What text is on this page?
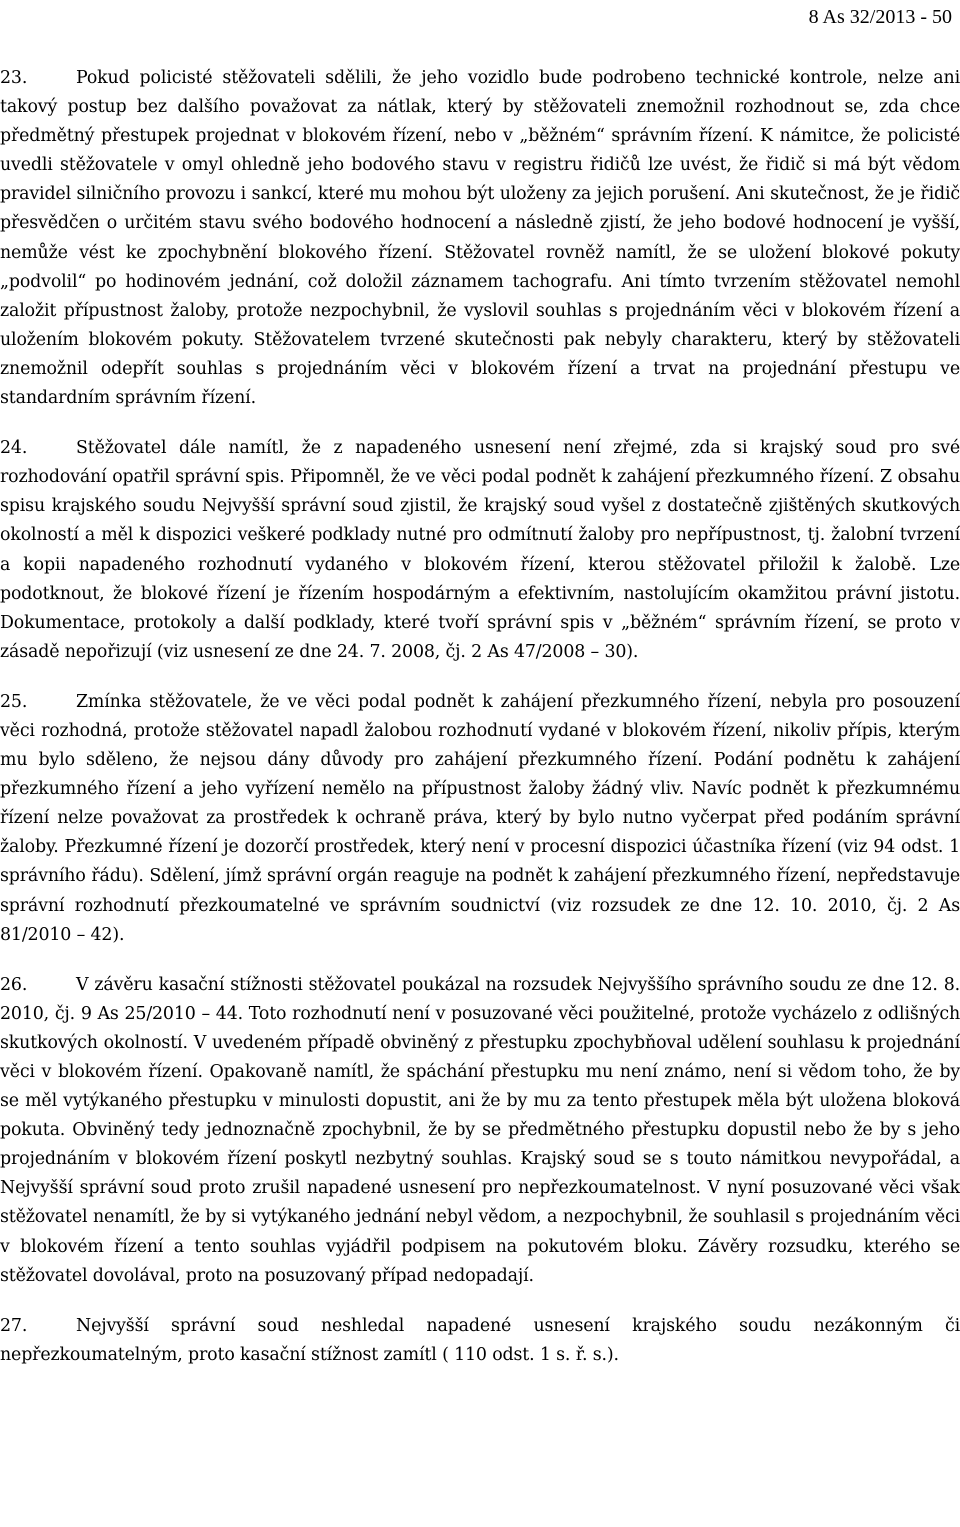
8 As 32/2013 - 50

23.	Pokud policisté stěžovateli sdělili, že jeho vozidlo bude podrobeno technické kontrole, nelze ani takový postup bez dalšího považovat za nátlak, který by stěžovateli znemožnil rozhodnout se, zda chce předmětný přestupek projednat v blokovém řízení, nebo v „běžném“ správním řízení. K námitce, že policisté uvedli stěžovatele v omyl ohledně jeho bodového stavu v registru řidičů lze uvést, že řidič si má být vědom pravidel silničního provozu i sankcí, které mu mohou být uloženy za jejich porušení. Ani skutečnost, že je řidič přesvědčen o určitém stavu svého bodového hodnocení a následně zjistí, že jeho bodové hodnocení je vyšší, nemůže vést ke zpochybnění blokového řízení. Stěžovatel rovněž namítl, že se uložení blokové pokuty „podvolil“ po hodinovém jednání, což doložil záznamem tachografu. Ani tímto tvrzením stěžovatel nemohl založit přípustnost žaloby, protože nezpochybnil, že vyslovil souhlas s projednáním věci v blokovém řízení a uložením blokovém pokuty. Stěžovatelem tvrzené skutečnosti pak nebyly charakteru, který by stěžovateli znemožnil odepřít souhlas s projednáním věci v blokovém řízení a trvat na projednání přestupu ve standardním správním řízení.

24.	Stěžovatel dále namítl, že z napadeného usnesení není zřejmé, zda si krajský soud pro své rozhodování opatřil správní spis. Připomněl, že ve věci podal podnět k zahájení přezkumného řízení. Z obsahu spisu krajského soudu Nejvyšší správní soud zjistil, že krajský soud vyšel z dostatečně zjištěných skutkových okolností a měl k dispozici veškeré podklady nutné pro odmítnutí žaloby pro nepřípustnost, tj. žalobní tvrzení a kopii napadeného rozhodnutí vydaného v blokovém řízení, kterou stěžovatel přiložil k žalobě. Lze podotknout, že blokové řízení je řízením hospodárným a efektivním, nastolujícím okamžitou právní jistotu. Dokumentace, protokoly a další podklady, které tvoří správní spis v „běžném“ správním řízení, se proto v zásadě nepořizují (viz usnesení ze dne 24. 7. 2008, čj. 2 As 47/2008 – 30).

25.	Zmínka stěžovatele, že ve věci podal podnět k zahájení přezkumného řízení, nebyla pro posouzení věci rozhodná, protože stěžovatel napadl žalobou rozhodnutí vydané v blokovém řízení, nikoliv přípis, kterým mu bylo sděleno, že nejsou dány důvody pro zahájení přezkumného řízení. Podání podnětu k zahájení přezkumného řízení a jeho vyřízení nemělo na přípustnost žaloby žádný vliv. Navíc podnět k přezkumnému řízení nelze považovat za prostředek k ochraně práva, který by bylo nutno vyčerpat před podáním správní žaloby. Přezkumné řízení je dozorčí prostředek, který není v procesní dispozici účastníka řízení (viz 94 odst. 1 správního řádu). Sdělení, jímž správní orgán reaguje na podnět k zahájení přezkumného řízení, nepředstavuje správní rozhodnutí přezkoumatelné ve správním soudnictví (viz rozsudek ze dne 12. 10. 2010, čj. 2 As 81/2010 – 42).

26.	V závěru kasační stížnosti stěžovatel poukázal na rozsudek Nejvyššího správního soudu ze dne 12. 8. 2010, čj. 9 As 25/2010 – 44. Toto rozhodnutí není v posuzované věci použitelné, protože vycházelo z odlišných skutkových okolností. V uvedeném případě obviněný z přestupku zpochybňoval udělení souhlasu k projednání věci v blokovém řízení. Opakovaně namítl, že spáchání přestupku mu není známo, není si vědom toho, že by se měl vytýkaného přestupku v minulosti dopustit, ani že by mu za tento přestupek měla být uložena bloková pokuta. Obviněný tedy jednoznačně zpochybnil, že by se předmětného přestupku dopustil nebo že by s jeho projednáním v blokovém řízení poskytl nezbytný souhlas. Krajský soud se s touto námitkou nevypořádal, a Nejvyšší správní soud proto zrušil napadené usnesení pro nepřezkoumatelnost. V nyní posuzované věci však stěžovatel nenamítl, že by si vytýkaného jednání nebyl vědom, a nezpochybnil, že souhlasil s projednáním věci v blokovém řízení a tento souhlas vyjádřil podpisem na pokutovém bloku. Závěry rozsudku, kterého se stěžovatel dovolával, proto na posuzovaný případ nedopadají.

27.	Nejvyšší správní soud neshledal napadené usnesení krajského soudu nezákonným či nepřezkoumatelným, proto kasační stížnost zamítl ( 110 odst. 1 s. ř. s.).
